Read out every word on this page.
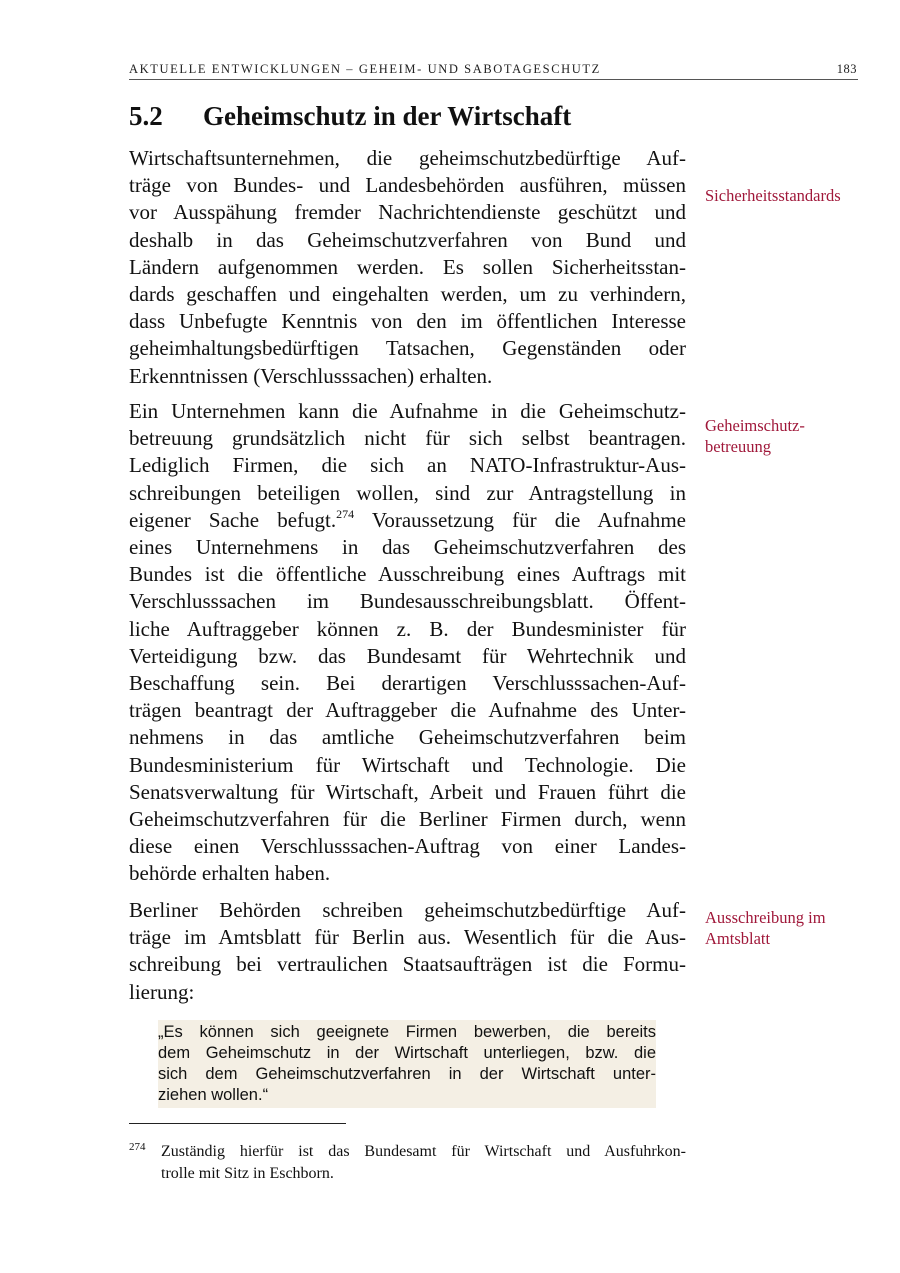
AKTUELLE ENTWICKLUNGEN – GEHEIM- UND SABOTAGESCHUTZ	183
5.2 Geheimschutz in der Wirtschaft
Wirtschaftsunternehmen, die geheimschutzbedürftige Auf-
träge von Bundes- und Landesbehörden ausführen, müssen
vor Ausspähung fremder Nachrichtendienste geschützt und
deshalb in das Geheimschutzverfahren von Bund und
Ländern aufgenommen werden. Es sollen Sicherheitsstan-
dards geschaffen und eingehalten werden, um zu verhindern,
dass Unbefugte Kenntnis von den im öffentlichen Interesse
geheimhaltungsbedürftigen Tatsachen, Gegenständen oder
Erkenntnissen (Verschlusssachen) erhalten.
Ein Unternehmen kann die Aufnahme in die Geheimschutz-
betreuung grundsätzlich nicht für sich selbst beantragen.
Lediglich Firmen, die sich an NATO-Infrastruktur-Aus-
schreibungen beteiligen wollen, sind zur Antragstellung in
eigener Sache befugt.$^{274}$ Voraussetzung für die Aufnahme
eines Unternehmens in das Geheimschutzverfahren des
Bundes ist die öffentliche Ausschreibung eines Auftrags mit
Verschlusssachen im Bundesausschreibungsblatt. Öffent-
liche Auftraggeber können z. B. der Bundesminister für
Verteidigung bzw. das Bundesamt für Wehrtechnik und
Beschaffung sein. Bei derartigen Verschlusssachen-Auf-
trägen beantragt der Auftraggeber die Aufnahme des Unter-
nehmens in das amtliche Geheimschutzverfahren beim
Bundesministerium für Wirtschaft und Technologie. Die
Senatsverwaltung für Wirtschaft, Arbeit und Frauen führt die
Geheimschutzverfahren für die Berliner Firmen durch, wenn
diese einen Verschlusssachen-Auftrag von einer Landes-
behörde erhalten haben.
Berliner Behörden schreiben geheimschutzbedürftige Auf-
träge im Amtsblatt für Berlin aus. Wesentlich für die Aus-
schreibung bei vertraulichen Staatsaufträgen ist die Formu-
lierung:
„Es können sich geeignete Firmen bewerben, die bereits
dem Geheimschutz in der Wirtschaft unterliegen, bzw. die
sich dem Geheimschutzverfahren in der Wirtschaft unter-
ziehen wollen.“
Sicherheitsstandards
Geheimschutz-
betreuung
Ausschreibung im
Amtsblatt
274 Zuständig hierfür ist das Bundesamt für Wirtschaft und Ausfuhrkon-
trolle mit Sitz in Eschborn.
